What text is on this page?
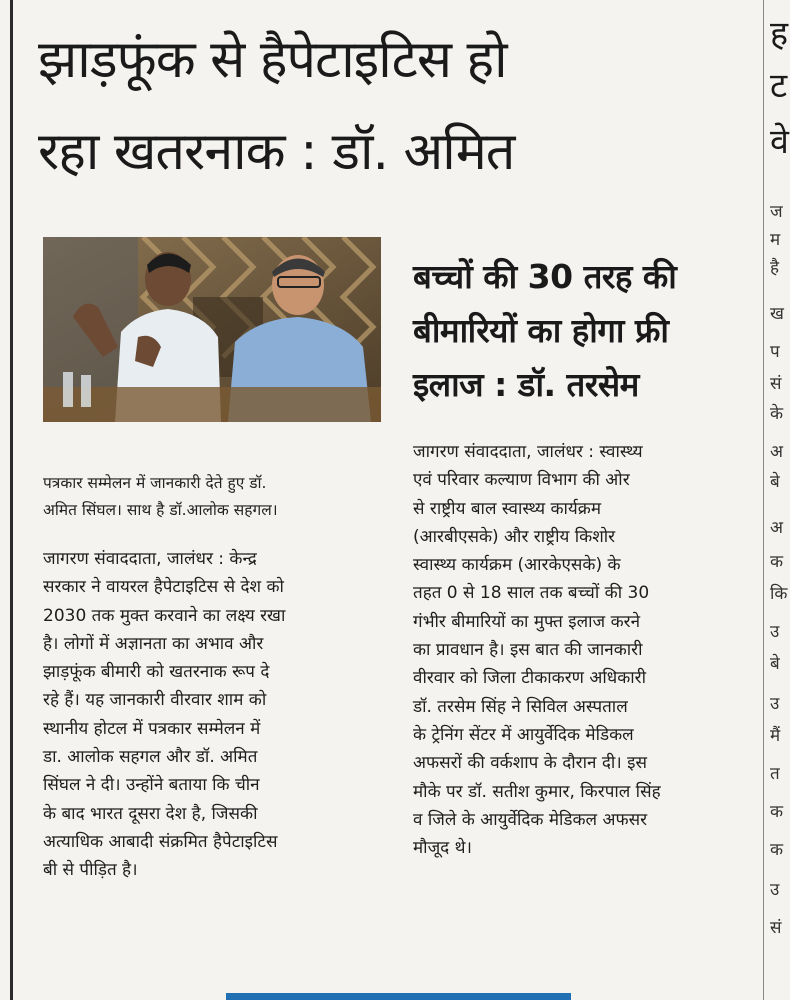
झाड़फूंक से हैपेटाइटिस हो
रहा खतरनाक : डॉ. अमित

पत्रकार सम्मेलन में जानकारी देते हुए डॉ.
अमित सिंघल। साथ है डॉ.आलोक सहगल।

जागरण संवाददाता, जालंधर : केन्द्र
सरकार ने वायरल हैपेटाइटिस से देश को
2030 तक मुक्त करवाने का लक्ष्य रखा
है। लोगों में अज्ञानता का अभाव और
झाड़फूंक बीमारी को खतरनाक रूप दे
रहे हैं। यह जानकारी वीरवार शाम को
स्थानीय होटल में पत्रकार सम्मेलन में
डा. आलोक सहगल और डॉ. अमित
सिंघल ने दी। उन्होंने बताया कि चीन
के बाद भारत दूसरा देश है, जिसकी
अत्याधिक आबादी संक्रमित हैपेटाइटिस
बी से पीड़ित है।
बच्चों की 30 तरह की
बीमारियों का होगा फ्री
इलाज : डॉ. तरसेम
जागरण संवाददाता, जालंधर : स्वास्थ्य
एवं परिवार कल्याण विभाग की ओर
से राष्ट्रीय बाल स्वास्थ्य कार्यक्रम
(आरबीएसके) और राष्ट्रीय किशोर
स्वास्थ्य कार्यक्रम (आरकेएसके) के
तहत 0 से 18 साल तक बच्चों की 30
गंभीर बीमारियों का मुफ्त इलाज करने
का प्रावधान है। इस बात की जानकारी
वीरवार को जिला टीकाकरण अधिकारी
डॉ. तरसेम सिंह ने सिविल अस्पताल
के ट्रेनिंग सेंटर में आयुर्वेदिक मेडिकल
अफसरों की वर्कशाप के दौरान दी। इस
मौके पर डॉ. सतीश कुमार, किरपाल सिंह
व जिले के आयुर्वेदिक मेडिकल अफसर
मौजूद थे।
ह
ट
वे
ज
म
है
ख
प
सं
के
अ
बे
अ
क
कि
उ
बे
उ
मैं
त
क
क
उ
सं
